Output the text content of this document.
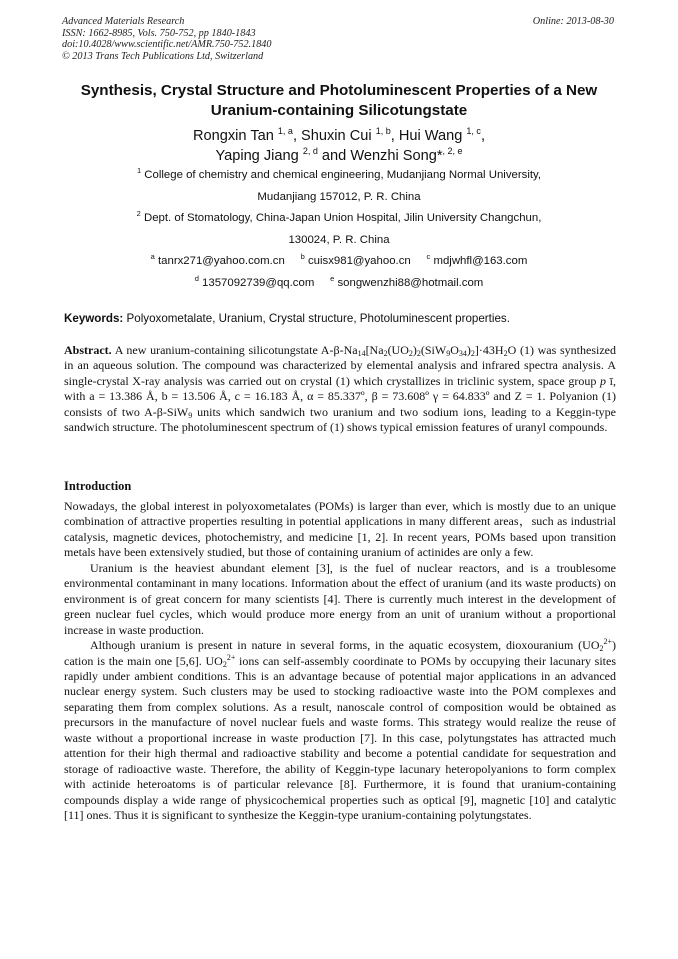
Advanced Materials Research
ISSN: 1662-8985, Vols. 750-752, pp 1840-1843
doi:10.4028/www.scientific.net/AMR.750-752.1840
© 2013 Trans Tech Publications Ltd, Switzerland
Online: 2013-08-30
Synthesis, Crystal Structure and Photoluminescent Properties of a New
Uranium-containing Silicotungstate
Rongxin Tan $^{1, a}$, Shuxin Cui $^{1, b}$, Hui Wang $^{1, c}$,
Yaping Jiang $^{2, d}$ and Wenzhi Song*$^{, 2, e}$
$^1$ College of chemistry and chemical engineering, Mudanjiang Normal University,
Mudanjiang 157012, P. R. China
$^2$ Dept. of Stomatology, China-Japan Union Hospital, Jilin University Changchun,
130024, P. R. China
$^a$ tanrx271@yahoo.com.cn $^b$ cuisx981@yahoo.cn $^c$ mdjwhfl@163.com
$^d$ 1357092739@qq.com $^e$ songwenzhi88@hotmail.com
Keywords: Polyoxometalate, Uranium, Crystal structure, Photoluminescent properties.
Abstract. A new uranium-containing silicotungstate $A-\beta-Na_{14}[Na_2(UO_2)_2(SiW_9O_{34})_2]\cdot 43H_2O$ (1) was synthesized in an aqueous solution. The compound was characterized by elemental analysis and infrared spectra analysis. A single-crystal X-ray analysis was carried out on crystal (1) which crystallizes in triclinic system, space group p ī, with a = 13.386 Å, b = 13.506 Å, c = 16.183 Å, α = 85.337º, β = 73.608º γ = 64.833º and Z = 1. Polyanion (1) consists of two A-β-SiW$_9$ units which sandwich two uranium and two sodium ions, leading to a Keggin-type sandwich structure. The photoluminescent spectrum of (1) shows typical emission features of uranyl compounds.
Introduction

Nowadays, the global interest in polyoxometalates (POMs) is larger than ever, which is mostly due to an unique combination of attractive properties resulting in potential applications in many different areas，such as industrial catalysis, magnetic devices, photochemistry, and medicine [1, 2]. In recent years, POMs based upon transition metals have been extensively studied, but those of containing uranium of actinides are only a few.

Uranium is the heaviest abundant element [3], is the fuel of nuclear reactors, and is a troublesome environmental contaminant in many locations. Information about the effect of uranium (and its waste products) on environment is of great concern for many scientists [4]. There is currently much interest in the development of green nuclear fuel cycles, which would produce more energy from an unit of uranium without a proportional increase in waste production.

Although uranium is present in nature in several forms, in the aquatic ecosystem, dioxouranium $(UO_2^{2+})$ cation is the main one [5,6]. $UO_2^{2+}$ ions can self-assembly coordinate to POMs by occupying their lacunary sites rapidly under ambient conditions. This is an advantage because of potential major applications in an advanced nuclear energy system. Such clusters may be used to stocking radioactive waste into the POM complexes and separating them from complex solutions. As a result, nanoscale control of composition would be obtained as precursors in the manufacture of novel nuclear fuels and waste forms. This strategy would realize the reuse of waste without a proportional increase in waste production [7]. In this case, polytungstates has attracted much attention for their high thermal and radioactive stability and become a potential candidate for sequestration and storage of radioactive waste. Therefore, the ability of Keggin-type lacunary heteropolyanions to form complex with actinide heteroatoms is of particular relevance [8]. Furthermore, it is found that uranium-containing compounds display a wide range of physicochemical properties such as optical [9], magnetic [10] and catalytic [11] ones. Thus it is significant to synthesize the Keggin-type uranium-containing polytungstates.
